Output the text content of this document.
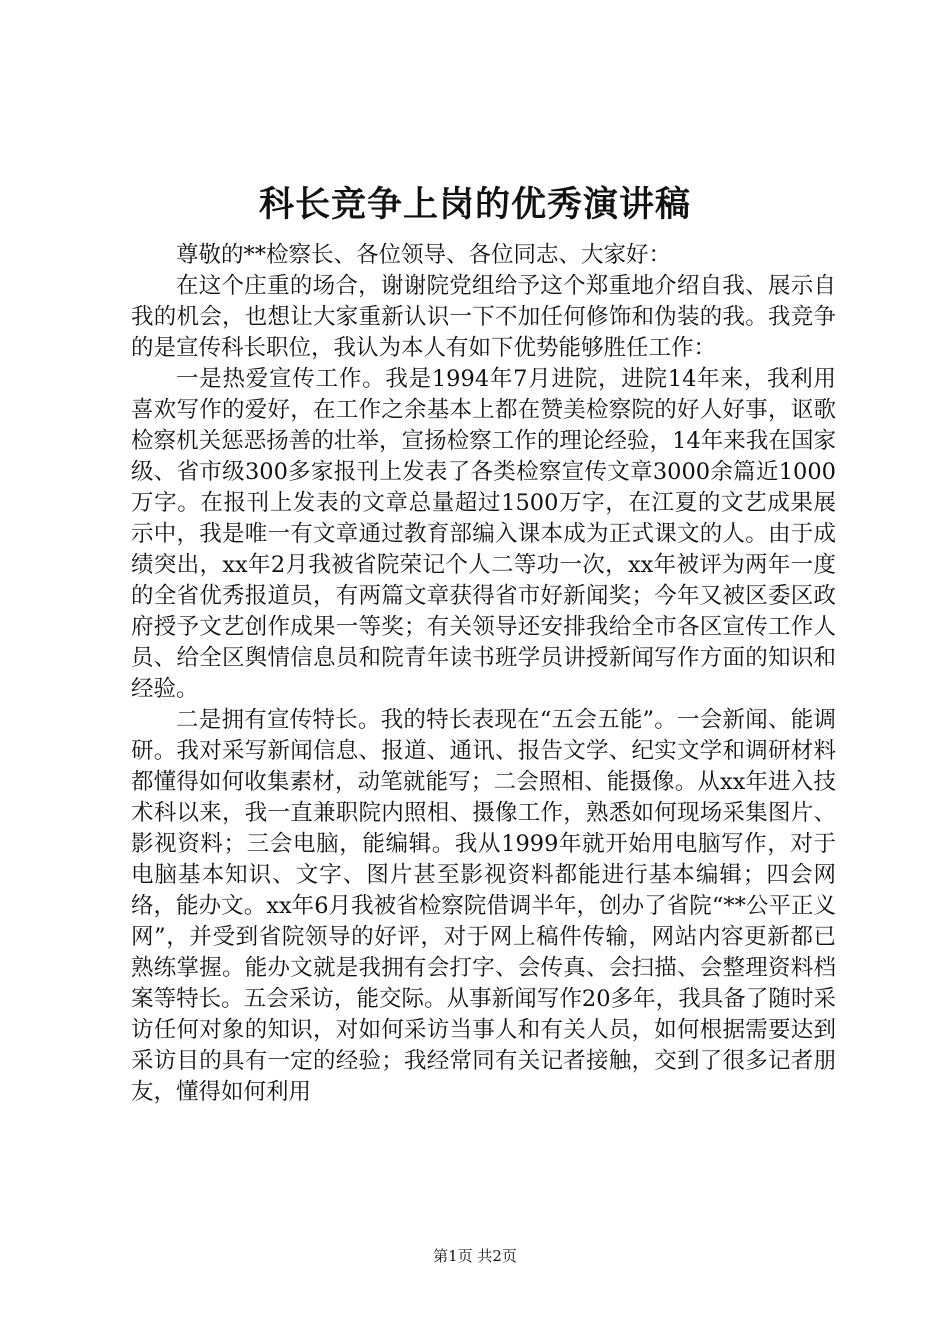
科长竞争上岗的优秀演讲稿

尊敬的**检察长、各位领导、各位同志、大家好：

在这个庄重的场合，谢谢院党组给予这个郑重地介绍自我、展示自我的机会，也想让大家重新认识一下不加任何修饰和伪装的我。我竞争的是宣传科长职位，我认为本人有如下优势能够胜任工作：

一是热爱宣传工作。我是1994年7月进院，进院14年来，我利用喜欢写作的爱好，在工作之余基本上都在赞美检察院的好人好事，讴歌检察机关惩恶扬善的壮举，宣扬检察工作的理论经验，14年来我在国家级、省市级300多家报刊上发表了各类检察宣传文章3000余篇近1000万字。在报刊上发表的文章总量超过1500万字，在江夏的文艺成果展示中，我是唯一有文章通过教育部编入课本成为正式课文的人。由于成绩突出，xx年2月我被省院荣记个人二等功一次，xx年被评为两年一度的全省优秀报道员，有两篇文章获得省市好新闻奖；今年又被区委区政府授予文艺创作成果一等奖；有关领导还安排我给全市各区宣传工作人员、给全区舆情信息员和院青年读书班学员讲授新闻写作方面的知识和经验。

二是拥有宣传特长。我的特长表现在“五会五能”。一会新闻、能调研。我对采写新闻信息、报道、通讯、报告文学、纪实文学和调研材料都懂得如何收集素材，动笔就能写；二会照相、能摄像。从xx年进入技术科以来，我一直兼职院内照相、摄像工作，熟悉如何现场采集图片、影视资料；三会电脑，能编辑。我从1999年就开始用电脑写作，对于电脑基本知识、文字、图片甚至影视资料都能进行基本编辑；四会网络，能办文。xx年6月我被省检察院借调半年，创办了省院“**公平正义网”，并受到省院领导的好评，对于网上稿件传输，网站内容更新都已熟练掌握。能办文就是我拥有会打字、会传真、会扫描、会整理资料档案等特长。五会采访，能交际。从事新闻写作20多年，我具备了随时采访任何对象的知识，对如何采访当事人和有关人员，如何根据需要达到采访目的具有一定的经验；我经常同有关记者接触，交到了很多记者朋友，懂得如何利用

第1页 共2页
